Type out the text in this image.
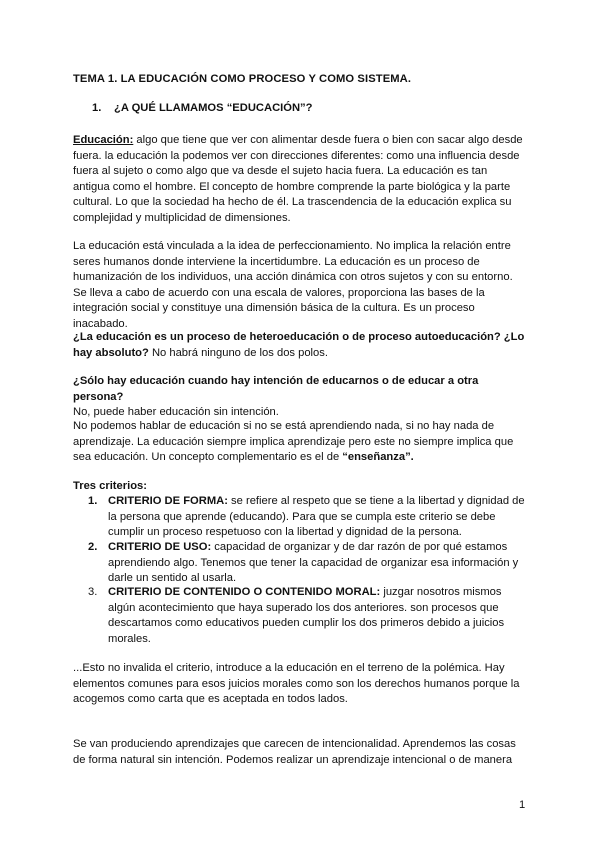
TEMA 1. LA EDUCACIÓN COMO PROCESO Y COMO SISTEMA.

1. ¿A QUÉ LLAMAMOS “EDUCACIÓN”?

Educación: algo que tiene que ver con alimentar desde fuera o bien con sacar algo desde fuera. la educación la podemos ver con direcciones diferentes: como una influencia desde fuera al sujeto o como algo que va desde el sujeto hacia fuera. La educación es tan antigua como el hombre. El concepto de hombre comprende la parte biológica y la parte cultural. Lo que la sociedad ha hecho de él. La trascendencia de la educación explica su complejidad y multiplicidad de dimensiones.

La educación está vinculada a la idea de perfeccionamiento. No implica la relación entre seres humanos donde interviene la incertidumbre. La educación es un proceso de humanización de los individuos, una acción dinámica con otros sujetos y con su entorno. Se lleva a cabo de acuerdo con una escala de valores, proporciona las bases de la integración social y constituye una dimensión básica de la cultura. Es un proceso inacabado.

¿La educación es un proceso de heteroeducación o de proceso autoeducación? ¿Lo hay absoluto? No habrá ninguno de los dos polos.

¿Sólo hay educación cuando hay intención de educarnos o de educar a otra persona?
No, puede haber educación sin intención.

No podemos hablar de educación si no se está aprendiendo nada, si no hay nada de aprendizaje. La educación siempre implica aprendizaje pero este no siempre implica que sea educación. Un concepto complementario es el de “enseñanza”.

Tres criterios:

1. CRITERIO DE FORMA: se refiere al respeto que se tiene a la libertad y dignidad de la persona que aprende (educando). Para que se cumpla este criterio se debe cumplir un proceso respetuoso con la libertad y dignidad de la persona.
2. CRITERIO DE USO: capacidad de organizar y de dar razón de por qué estamos aprendiendo algo. Tenemos que tener la capacidad de organizar esa información y darle un sentido al usarla.
3. CRITERIO DE CONTENIDO O CONTENIDO MORAL: juzgar nosotros mismos algún acontecimiento que haya superado los dos anteriores. son procesos que descartamos como educativos pueden cumplir los dos primeros debido a juicios morales.

...Esto no invalida el criterio, introduce a la educación en el terreno de la polémica. Hay elementos comunes para esos juicios morales como son los derechos humanos porque la acogemos como carta que es aceptada en todos lados.

Se van produciendo aprendizajes que carecen de intencionalidad. Aprendemos las cosas de forma natural sin intención. Podemos realizar un aprendizaje intencional o de manera

1
